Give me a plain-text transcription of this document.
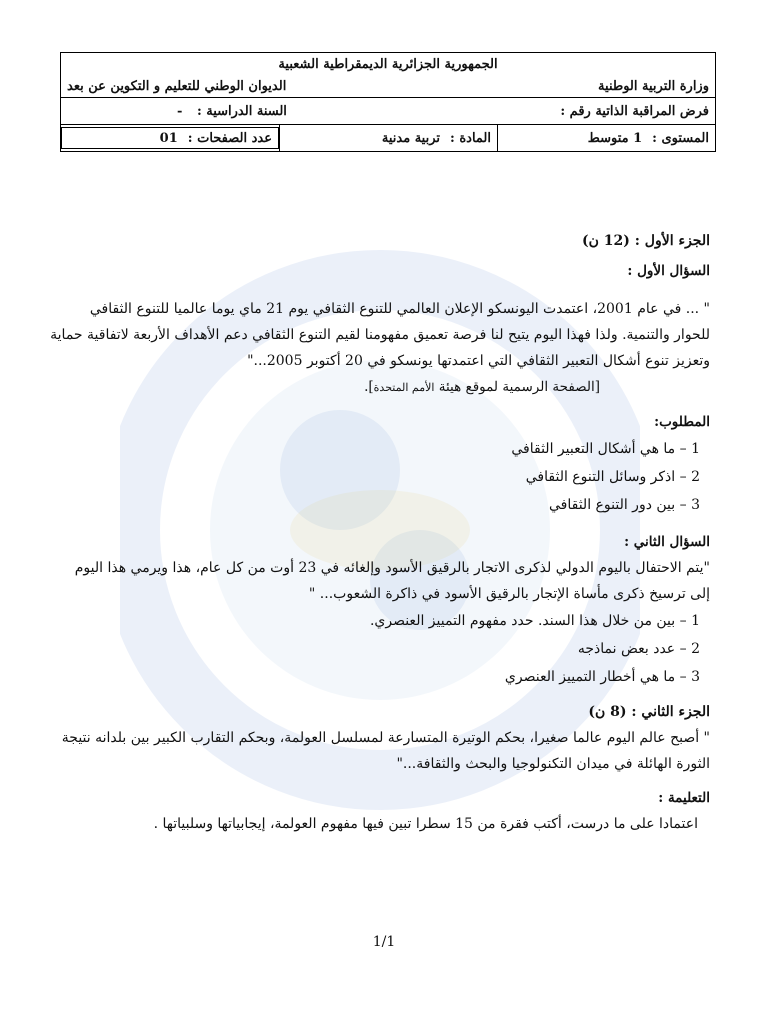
الجمهورية الجزائرية الديمقراطية الشعبية
وزارة التربية الوطنية
الديوان الوطني للتعليم و التكوين عن بعد
فرض المراقبة الذاتية رقم :
السنة الدراسية : -
المستوى :
1 متوسط
المادة :
تربية مدنية
عدد الصفحات :
01
الجزء الأول : (12 ن)
السؤال الأول :
" ... في عام 2001، اعتمدت اليونسكو الإعلان العالمي للتنوع الثقافي يوم 21 ماي يوما عالميا للتنوع الثقافي
للحوار والتنمية. ولذا فهذا اليوم يتيح لنا فرصة تعميق مفهومنا لقيم التنوع الثقافي دعم الأهداف الأربعة لاتفاقية حماية
وتعزيز تنوع أشكال التعبير الثقافي التي اعتمدتها يونسكو في 20 أكتوبر 2005..."
[الصفحة الرسمية لموقع هيئة الأمم المتحدة].
المطلوب:
1 – ما هي أشكال التعبير الثقافي
2 – اذكر وسائل التنوع الثقافي
3 – بين دور التنوع الثقافي
السؤال الثاني :
"يتم الاحتفال باليوم الدولي لذكرى الاتجار بالرقيق الأسود وإلغائه في 23 أوت من كل عام، هذا ويرمي هذا اليوم
إلى ترسيخ ذكرى مأساة الإتجار بالرقيق الأسود في ذاكرة الشعوب... "
1 – بين من خلال هذا السند. حدد مفهوم التمييز العنصري.
2 – عدد بعض نماذجه
3 – ما هي أخطار التمييز العنصري
الجزء الثاني : (8 ن)
" أصبح عالم اليوم عالما صغيرا، بحكم الوتيرة المتسارعة لمسلسل العولمة، وبحكم التقارب الكبير بين بلدانه نتيجة
الثورة الهائلة في ميدان التكنولوجيا والبحث والثقافة..."
التعليمة :
اعتمادا على ما درست، أكتب فقرة من 15 سطرا تبين فيها مفهوم العولمة، إيجابياتها وسلبياتها .
1/1
